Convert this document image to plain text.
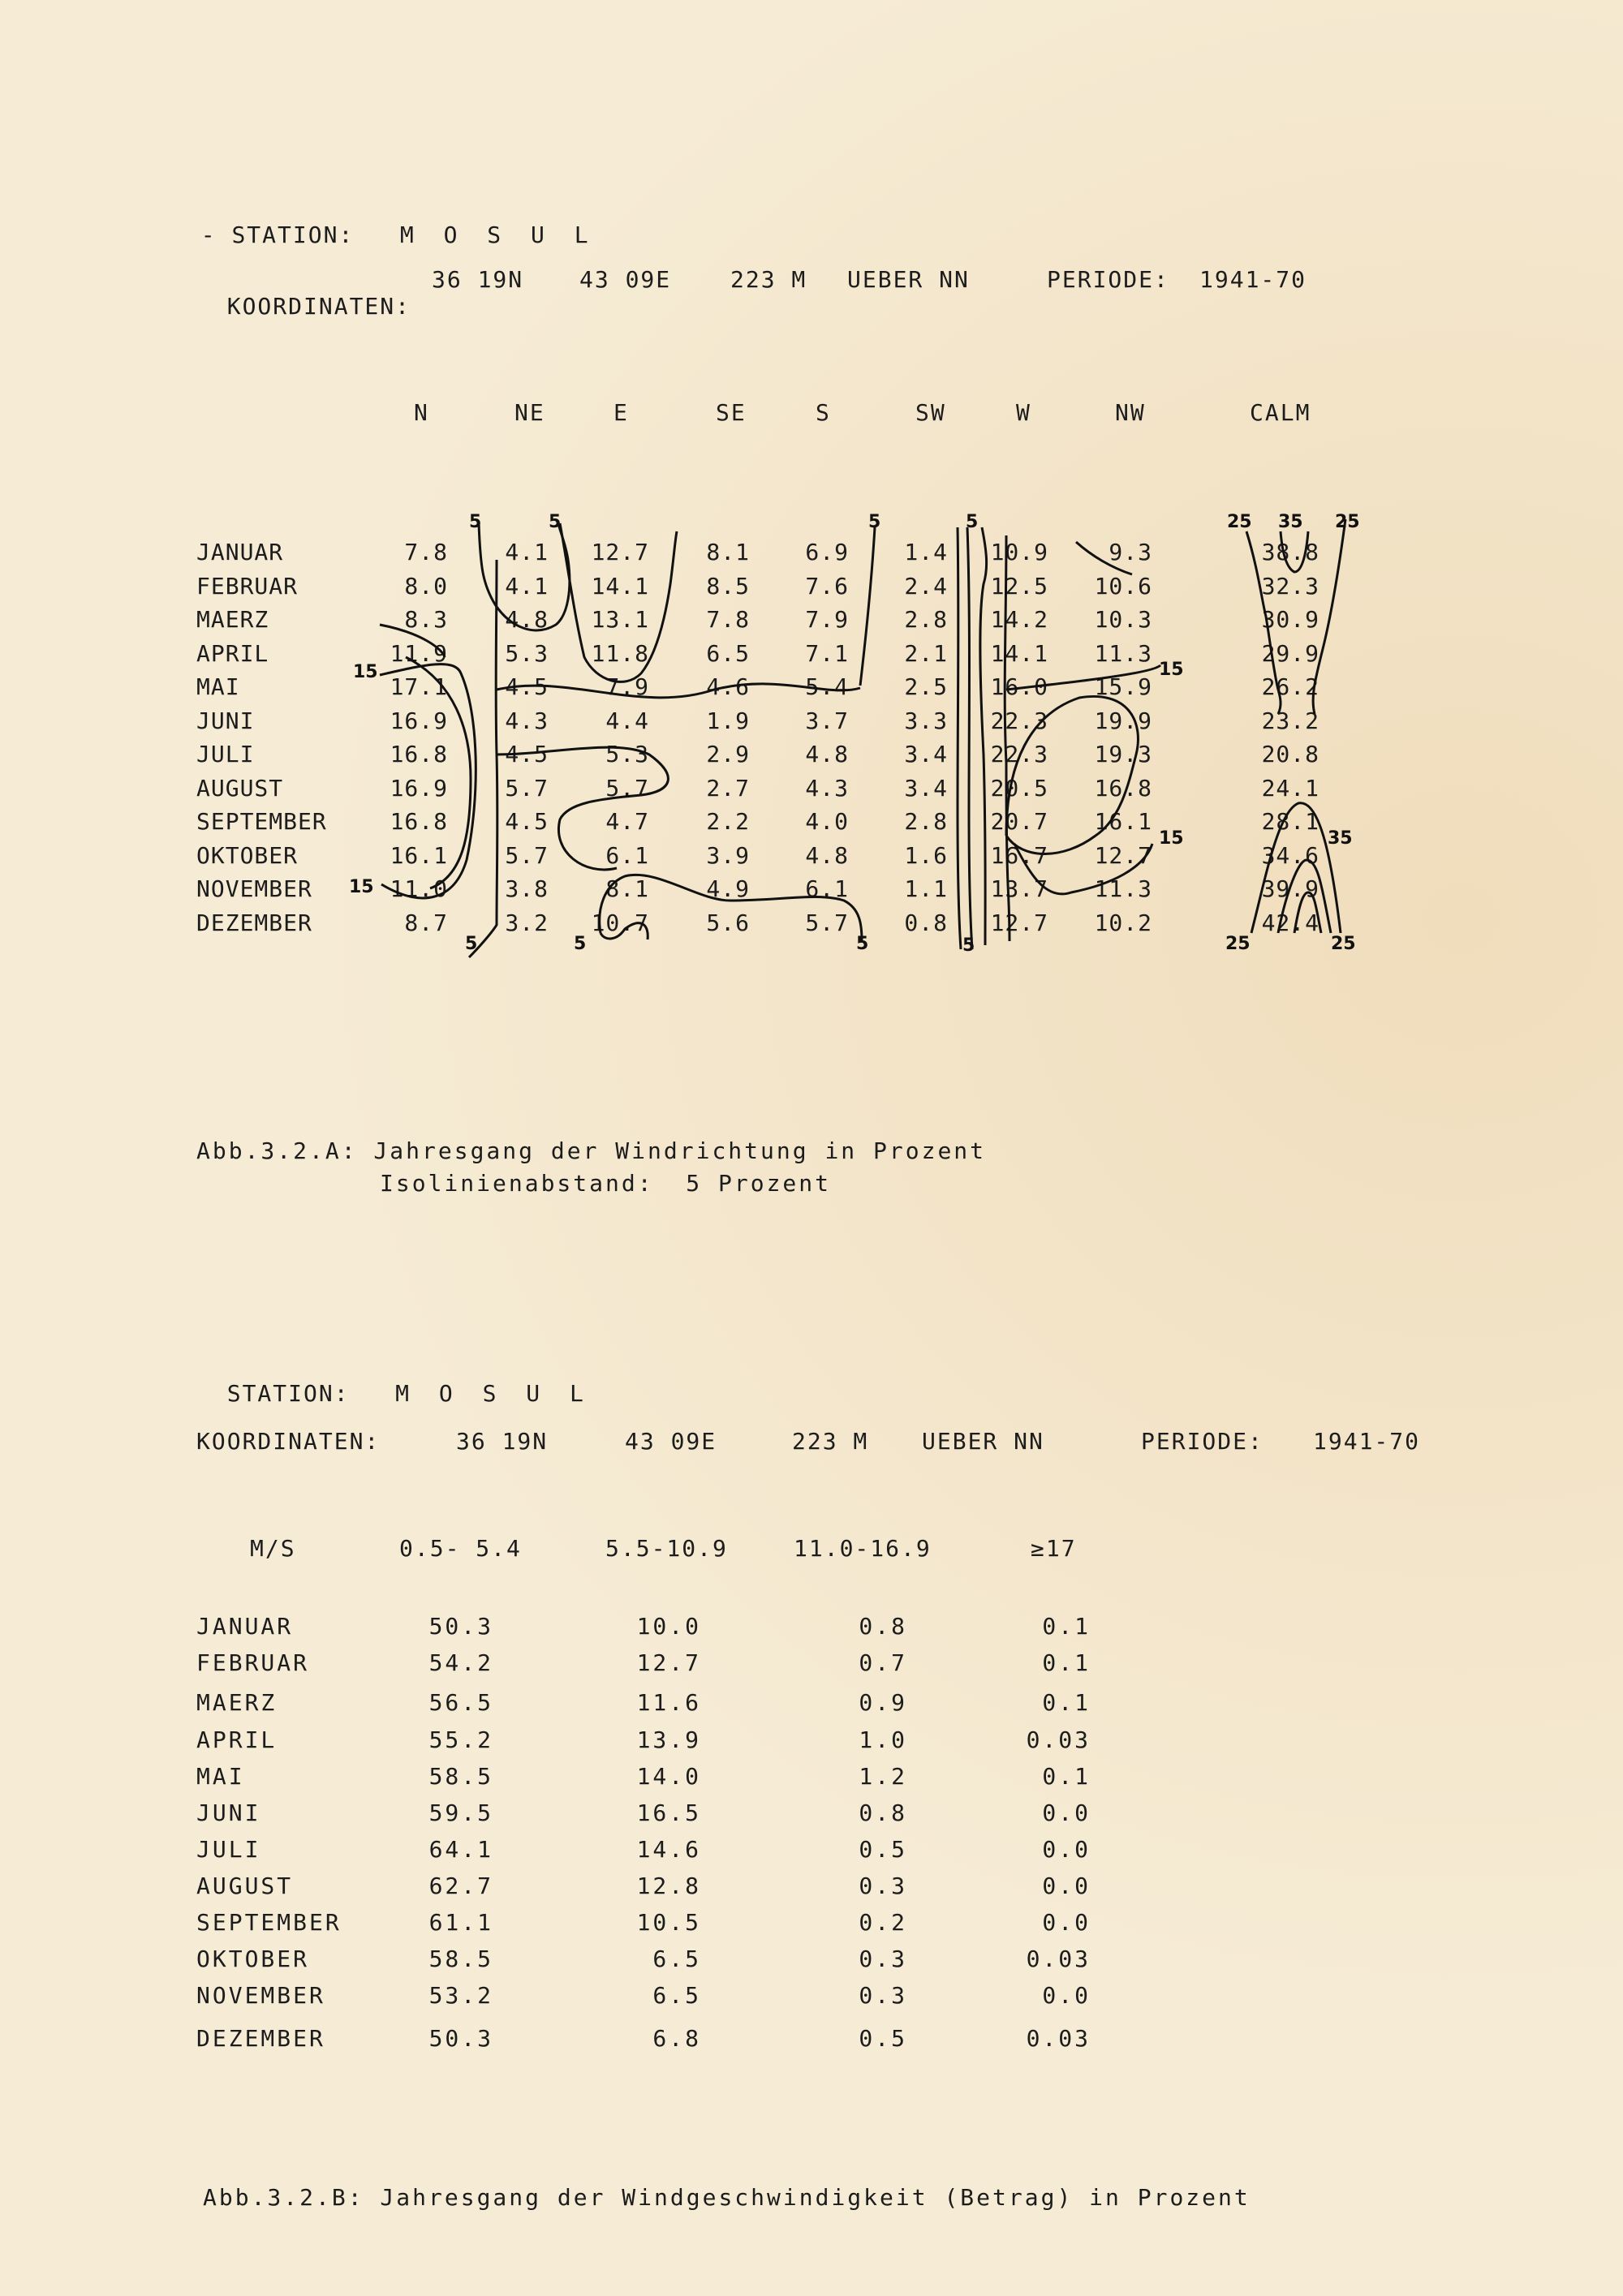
- STATION: M O S U L

KOORDINATEN:

36 19N 43 09E	223 M UEBER NN	PERIODE: 1941-70
N	NE	E	SE	S	SW	W	NW	CALM
JANUAR	7.8	4.1	12.7	8.1	6.9	1.4	10.9	9.3	38.8
FEBRUAR	8.0	4.1	14.1	8.5	7.6	2.4	12.5	10.6	32.3
MAERZ	8.3	4.8	13.1	7.8	7.9	2.8	14.2	10.3	30.9
APRIL	11.9	5.3	11.8	6.5	7.1	2.1	14.1	11.3	29.9
MAI	17.1	4.5	7.9	4.6	5.4	2.5	16.0	15.9	26.2
JUNI	16.9	4.3	4.4	1.9	3.7	3.3	22.3	19.9	23.2
JULI	16.8	4.5	5.3	2.9	4.8	3.4	22.3	19.3	20.8
AUGUST	16.9	5.7	5.7	2.7	4.3	3.4	20.5	16.8	24.1
SEPTEMBER	16.8	4.5	4.7	2.2	4.0	2.8	20.7	16.1	28.1
OKTOBER	16.1	5.7	6.1	3.9	4.8	1.6	16.7	12.7	34.6
NOVEMBER	11.0	3.8	8.1	4.9	6.1	1.1	13.7	11.3	39.9
DEZEMBER	8.7	3.2	10.7	5.6	5.7	0.8	12.7	10.2	42.4
5	5	5	5
15	15
15
15
5	5	5	5
25 35 25
35
25	25
Abb.3.2.A: Jahresgang der Windrichtung in Prozent
Isolinienabstand:  5 Prozent

STATION: M O S U L

KOORDINATEN:	36 19N	43 09E	223 M UEBER NN	PERIODE: 1941-70
M/S	0.5- 5.4	5.5-10.9	11.0-16.9	≥17
JANUAR	50.3	10.0	0.8	0.1
FEBRUAR	54.2	12.7	0.7	0.1
MAERZ	56.5	11.6	0.9	0.1
APRIL	55.2	13.9	1.0	0.03
MAI	58.5	14.0	1.2	0.1
JUNI	59.5	16.5	0.8	0.0
JULI	64.1	14.6	0.5	0.0
AUGUST	62.7	12.8	0.3	0.0
SEPTEMBER	61.1	10.5	0.2	0.0
OKTOBER	58.5	6.5	0.3	0.03
NOVEMBER	53.2	6.5	0.3	0.0
DEZEMBER	50.3	6.8	0.5	0.03
Abb.3.2.B: Jahresgang der Windgeschwindigkeit (Betrag) in Prozent
